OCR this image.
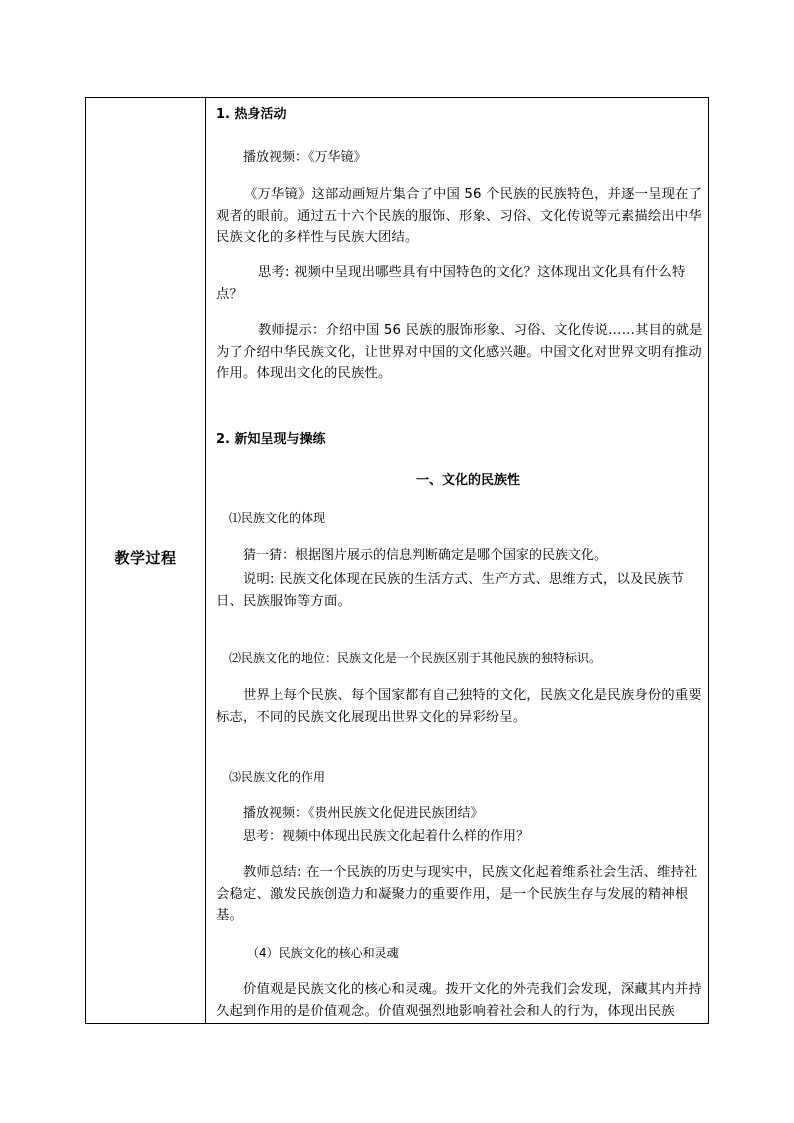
教学过程
1. 热身活动
播放视频：《万华镜》
《万华镜》这部动画短片集合了中国 56 个民族的民族特色，并逐一呈现在了观者的眼前。通过五十六个民族的服饰、形象、习俗、文化传说等元素描绘出中华民族文化的多样性与民族大团结。
思考: 视频中呈现出哪些具有中国特色的文化？这体现出文化具有什么特点？
教师提示：介绍中国 56 民族的服饰形象、习俗、文化传说……其目的就是为了介绍中华民族文化，让世界对中国的文化感兴趣。中国文化对世界文明有推动作用。体现出文化的民族性。
2. 新知呈现与操练
一、文化的民族性
⑴民族文化的体现
猜一猜：根据图片展示的信息判断确定是哪个国家的民族文化。
说明: 民族文化体现在民族的生活方式、生产方式、思维方式，以及民族节日、民族服饰等方面。
⑵民族文化的地位：民族文化是一个民族区别于其他民族的独特标识。
世界上每个民族、每个国家都有自己独特的文化，民族文化是民族身份的重要标志，不同的民族文化展现出世界文化的异彩纷呈。
⑶民族文化的作用
播放视频：《贵州民族文化促进民族团结》
思考：视频中体现出民族文化起着什么样的作用？
教师总结: 在一个民族的历史与现实中，民族文化起着维系社会生活、维持社会稳定、激发民族创造力和凝聚力的重要作用，是一个民族生存与发展的精神根基。
（4）民族文化的核心和灵魂
价值观是民族文化的核心和灵魂。拨开文化的外壳我们会发现，深藏其内并持久起到作用的是价值观念。价值观强烈地影响着社会和人的行为，体现出民族
